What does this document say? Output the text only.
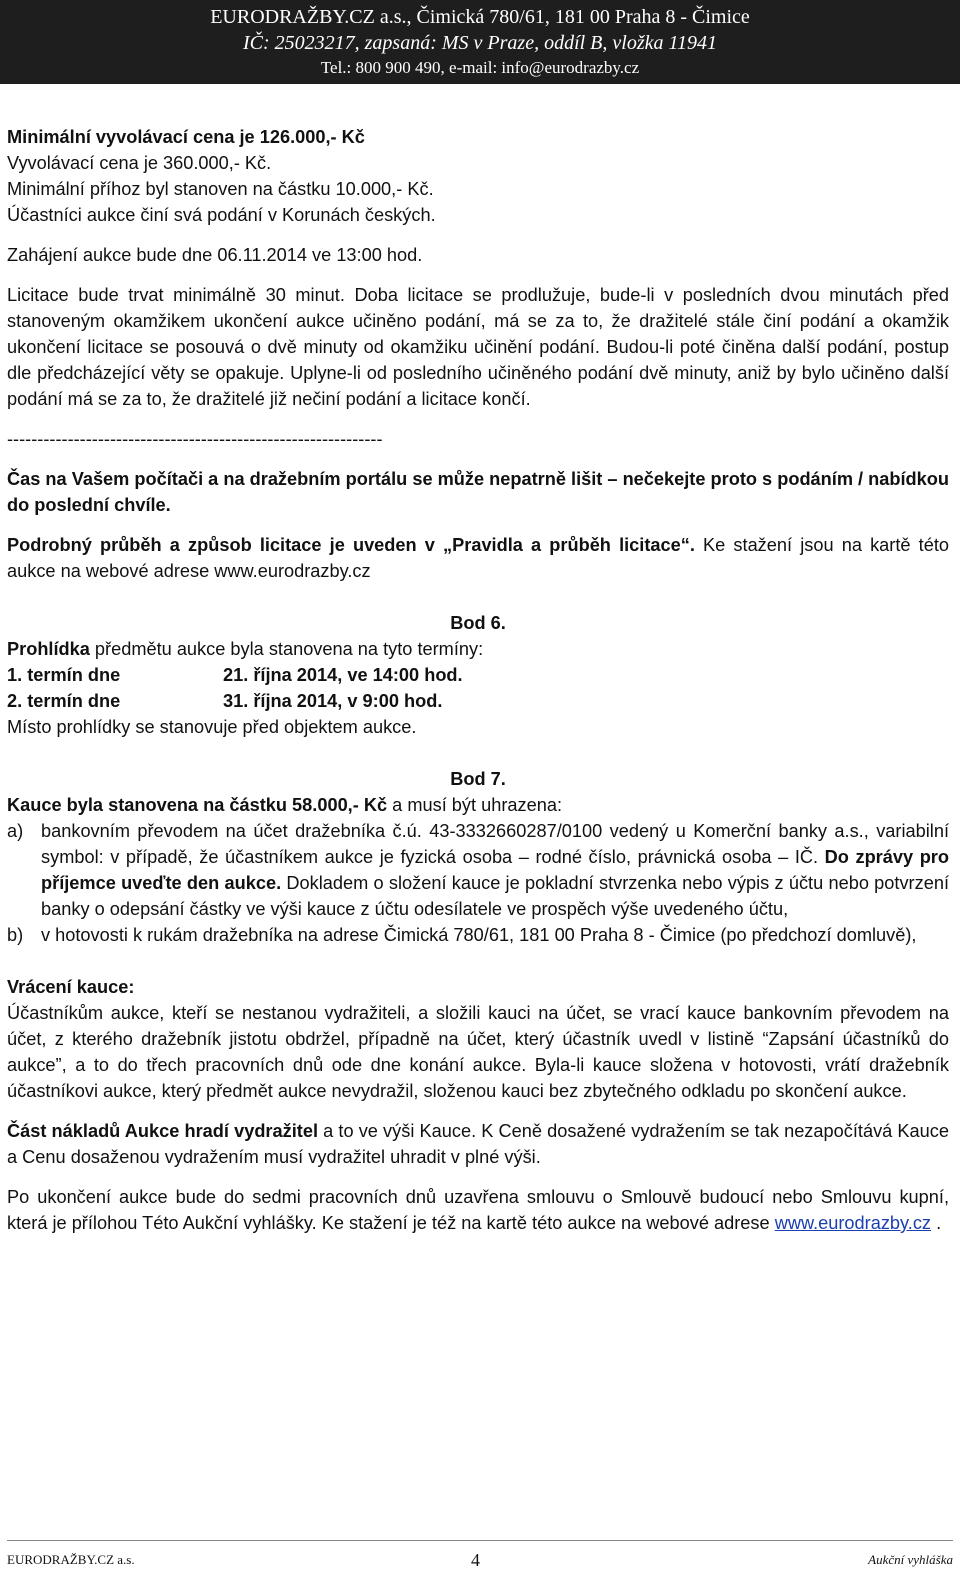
EURODRAŽBY.CZ a.s., Čimická 780/61, 181 00 Praha 8 - Čimice
IČ: 25023217, zapsaná: MS v Praze, oddíl B, vložka 11941
Tel.: 800 900 490, e-mail: info@eurodrazby.cz

Minimální vyvolávací cena je 126.000,- Kč

Vyvolávací cena je 360.000,- Kč.

Minimální příhoz byl stanoven na částku 10.000,- Kč.

Účastníci aukce činí svá podání v Korunách českých.

Zahájení aukce bude dne 06.11.2014 ve 13:00 hod.

Licitace bude trvat minimálně 30 minut. Doba licitace se prodlužuje, bude-li v posledních dvou minutách před stanoveným okamžikem ukončení aukce učiněno podání, má se za to, že dražitelé stále činí podání a okamžik ukončení licitace se posouvá o dvě minuty od okamžiku učinění podání. Budou-li poté činěna další podání, postup dle předcházející věty se opakuje. Uplyne-li od posledního učiněného podání dvě minuty, aniž by bylo učiněno další podání má se za to, že dražitelé již nečiní podání a licitace končí.

--------------------------------------------------------------

Čas na Vašem počítači a na dražebním portálu se může nepatrně lišit – nečekejte proto s podáním / nabídkou do poslední chvíle.

Podrobný průběh a způsob licitace je uveden v „Pravidla a průběh licitace“. Ke stažení jsou na kartě této aukce na webové adrese www.eurodrazby.cz

Bod 6.

Prohlídka předmětu aukce byla stanovena na tyto termíny:

1. termín dne	21. října 2014, ve 14:00 hod.
2. termín dne	31. října 2014, v 9:00 hod.

Místo prohlídky se stanovuje před objektem aukce.

Bod 7.

Kauce byla stanovena na částku 58.000,- Kč a musí být uhrazena:

a) bankovním převodem na účet dražebníka č.ú. 43-3332660287/0100 vedený u Komerční banky a.s., variabilní symbol: v případě, že účastníkem aukce je fyzická osoba – rodné číslo, právnická osoba – IČ. Do zprávy pro příjemce uveďte den aukce. Dokladem o složení kauce je pokladní stvrzenka nebo výpis z účtu nebo potvrzení banky o odepsání částky ve výši kauce z účtu odesílatele ve prospěch výše uvedeného účtu,
b) v hotovosti k rukám dražebníka na adrese Čimická 780/61, 181 00 Praha 8 - Čimice (po předchozí domluvě),

Vrácení kauce:

Účastníkům aukce, kteří se nestanou vydražiteli, a složili kauci na účet, se vrací kauce bankovním převodem na účet, z kterého dražebník jistotu obdržel, případně na účet, který účastník uvedl v listině “Zapsání účastníků do aukce”, a to do třech pracovních dnů ode dne konání aukce. Byla-li kauce složena v hotovosti, vrátí dražebník účastníkovi aukce, který předmět aukce nevydražil, složenou kauci bez zbytečného odkladu po skončení aukce.

Část nákladů Aukce hradí vydražitel a to ve výši Kauce. K Ceně dosažené vydražením se tak nezapočítává Kauce a Cenu dosaženou vydražením musí vydražitel uhradit v plné výši.

Po ukončení aukce bude do sedmi pracovních dnů uzavřena smlouvu o Smlouvě budoucí nebo Smlouvu kupní, která je přílohou Této Aukční vyhlášky. Ke stažení je též na kartě této aukce na webové adrese www.eurodrazby.cz .

EURODRAŽBY.CZ a.s.	4	Aukční vyhláška
